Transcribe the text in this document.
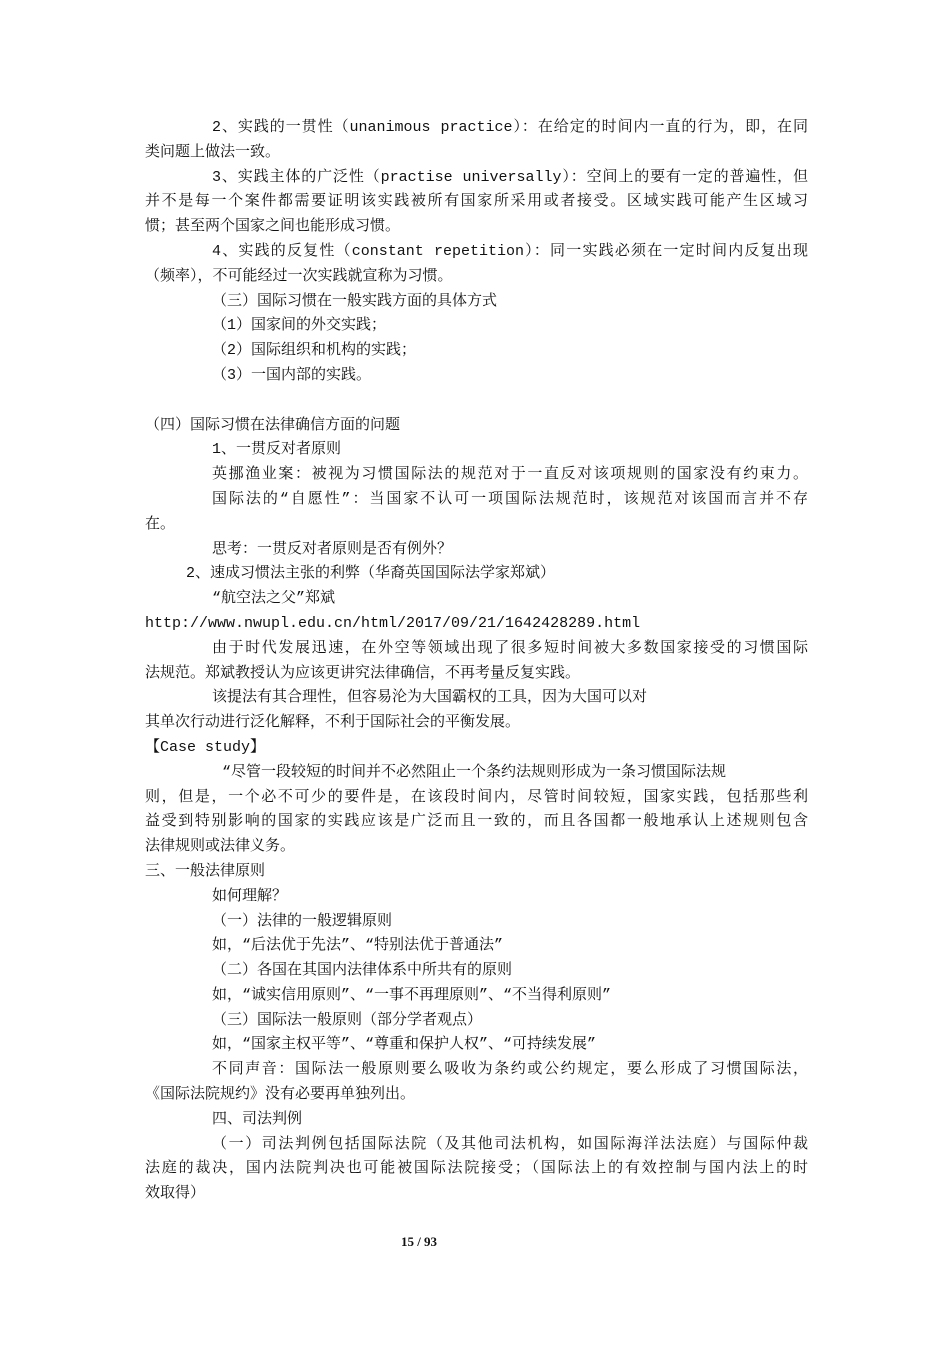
2、实践的一贯性（unanimous practice）：在给定的时间内一直的行为，即，在同
类问题上做法一致。
3、实践主体的广泛性（practise universally）：空间上的要有一定的普遍性，但
并不是每一个案件都需要证明该实践被所有国家所采用或者接受。区域实践可能产生区域习
惯；甚至两个国家之间也能形成习惯。
4、实践的反复性（constant repetition）：同一实践必须在一定时间内反复出现
（频率），不可能经过一次实践就宣称为习惯。
（三）国际习惯在一般实践方面的具体方式
（1）国家间的外交实践；
（2）国际组织和机构的实践；
（3）一国内部的实践。
（四）国际习惯在法律确信方面的问题
1、一贯反对者原则
英挪渔业案：被视为习惯国际法的规范对于一直反对该项规则的国家没有约束力。
国际法的“自愿性”：当国家不认可一项国际法规范时，该规范对该国而言并不存
在。
思考：一贯反对者原则是否有例外？
2、速成习惯法主张的利弊（华裔英国国际法学家郑斌）
“航空法之父”郑斌
http://www.nwupl.edu.cn/html/2017/09/21/1642428289.html
由于时代发展迅速，在外空等领域出现了很多短时间被大多数国家接受的习惯国际
法规范。郑斌教授认为应该更讲究法律确信，不再考量反复实践。
该提法有其合理性，但容易沦为大国霸权的工具，因为大国可以对
其单次行动进行泛化解释，不利于国际社会的平衡发展。
【Case study】
“尽管一段较短的时间并不必然阻止一个条约法规则形成为一条习惯国际法规
则，但是，一个必不可少的要件是，在该段时间内，尽管时间较短，国家实践，包括那些利
益受到特别影响的国家的实践应该是广泛而且一致的，而且各国都一般地承认上述规则包含
法律规则或法律义务。
三、一般法律原则
如何理解？
（一）法律的一般逻辑原则
如，“后法优于先法”、“特别法优于普通法”
（二）各国在其国内法律体系中所共有的原则
如，“诚实信用原则”、“一事不再理原则”、“不当得利原则”
（三）国际法一般原则（部分学者观点）
如，“国家主权平等”、“尊重和保护人权”、“可持续发展”
不同声音：国际法一般原则要么吸收为条约或公约规定，要么形成了习惯国际法，
《国际法院规约》没有必要再单独列出。
四、司法判例
（一）司法判例包括国际法院（及其他司法机构，如国际海洋法法庭）与国际仲裁
法庭的裁决，国内法院判决也可能被国际法院接受；（国际法上的有效控制与国内法上的时
效取得）
15 / 93
